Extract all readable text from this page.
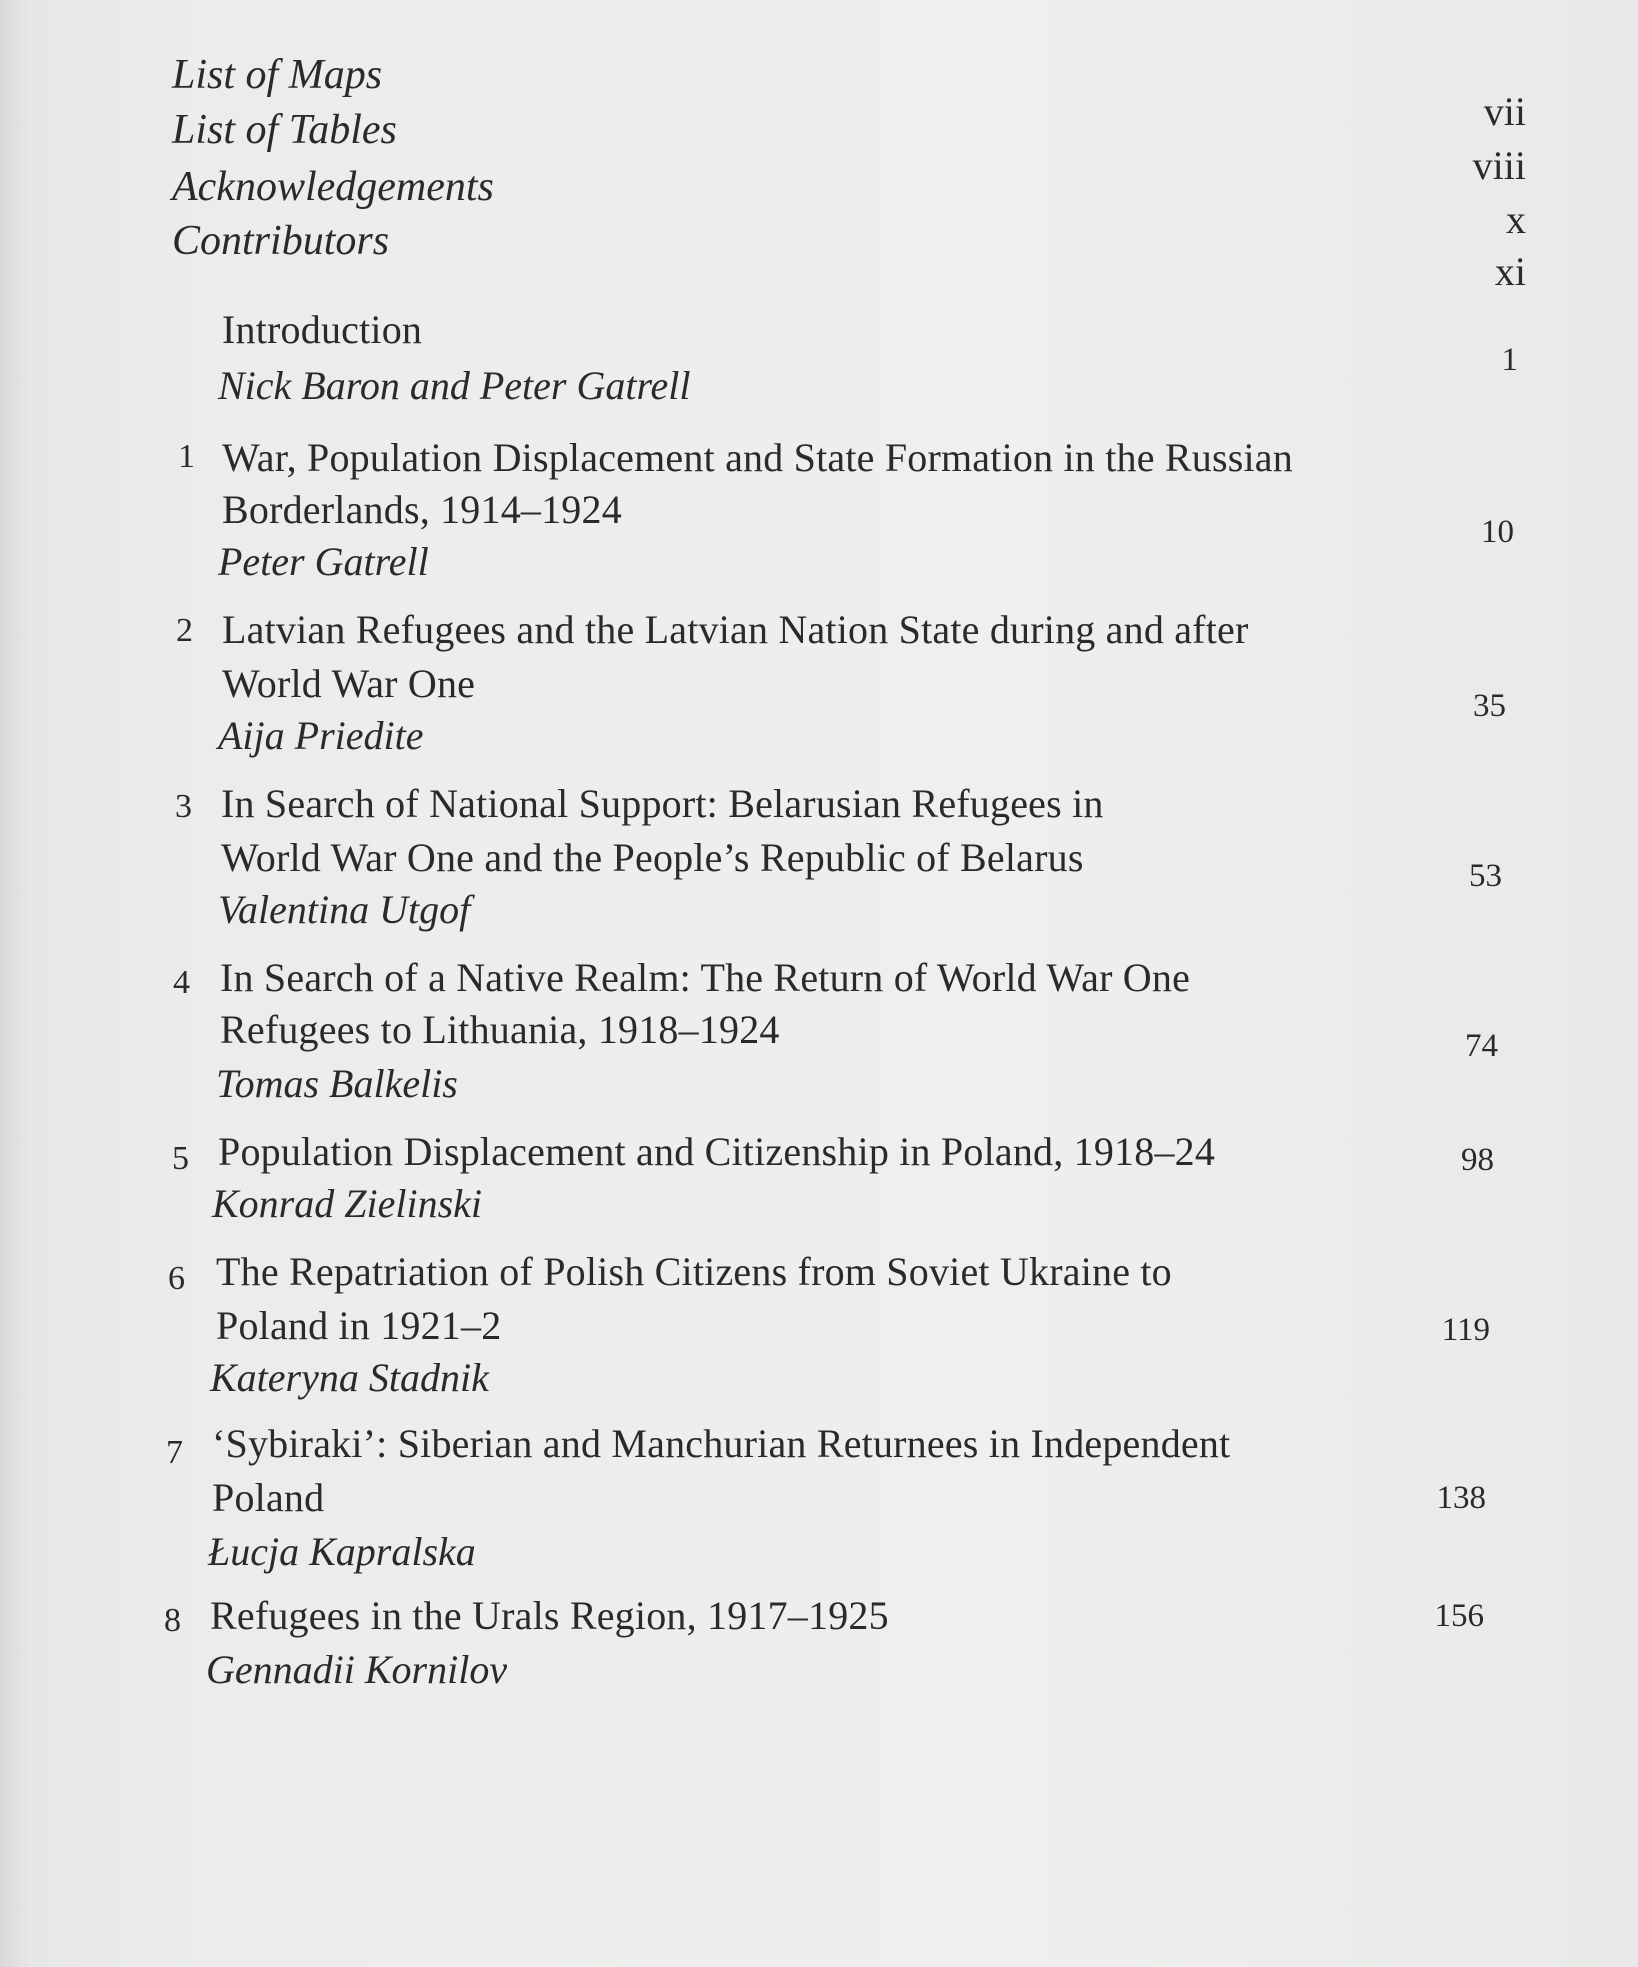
List of Maps
List of Tables
Acknowledgements
Contributors
vii
viii
x
xi
Introduction
Nick Baron and Peter Gatrell
1
1 War, Population Displacement and State Formation in the Russian
Borderlands, 1914–1924
Peter Gatrell
10
2 Latvian Refugees and the Latvian Nation State during and after
World War One
Aija Priedite
35
3 In Search of National Support: Belarusian Refugees in
World War One and the People’s Republic of Belarus
Valentina Utgof
53
4 In Search of a Native Realm: The Return of World War One
Refugees to Lithuania, 1918–1924
Tomas Balkelis
74
5 Population Displacement and Citizenship in Poland, 1918–24
Konrad Zielinski
98
6 The Repatriation of Polish Citizens from Soviet Ukraine to
Poland in 1921–2
Kateryna Stadnik
119
7 ‘Sybiraki’: Siberian and Manchurian Returnees in Independent
Poland
Łucja Kapralska
138
8 Refugees in the Urals Region, 1917–1925
Gennadii Kornilov
156
